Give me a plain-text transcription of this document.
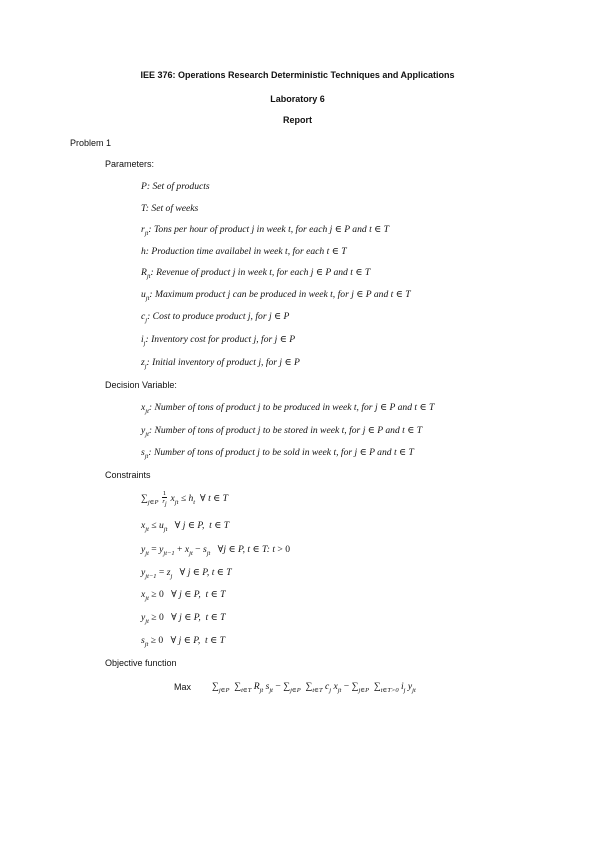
IEE 376: Operations Research Deterministic Techniques and Applications
Laboratory 6
Report
Problem 1
Parameters:
P: Set of products
T: Set of weeks
$r_{jt}$: Tons per hour of product j in week t, for each j ∈ P and t ∈ T
h: Production time availabel in week t, for each t ∈ T
$R_{jt}$: Revenue of product j in week t, for each j ∈ P and t ∈ T
$u_{jt}$: Maximum product j can be produced in week t, for j ∈ P and t ∈ T
$c_j$: Cost to produce product j, for j ∈ P
$i_j$: Inventory cost for product j, for j ∈ P
$z_j$: Initial inventory of product j, for j ∈ P
Decision Variable:
$x_{jt}$: Number of tons of product j to be produced in week t, for j ∈ P and t ∈ T
$y_{jt}$: Number of tons of product j to be stored in week t, for j ∈ P and t ∈ T
$s_{jt}$: Number of tons of product j to be sold in week t, for j ∈ P and t ∈ T
Constraints
$\sum_{j\in P} \frac{1}{r_j} x_{jt} \le h_t$ ∀ t ∈ T
$x_{jt} \le u_{jt}$ ∀ j ∈ P,  t ∈ T
$y_{jt} = y_{jt-1} + x_{jt} - s_{jt}$ ∀j ∈ P, t ∈ T: t > 0
$y_{jt-1} = z_j$ ∀ j ∈ P, t ∈ T
$x_{jt} \ge 0$ ∀ j ∈ P,  t ∈ T
$y_{jt} \ge 0$ ∀ j ∈ P,  t ∈ T
$s_{jt} \ge 0$ ∀ j ∈ P,  t ∈ T
Objective function
Max $\sum_{j\in P}$ $\sum_{t\in T}$ $R_{jt}$ $s_{jt} - \sum_{j\in P}$ $\sum_{t\in T}$ $c_j$ $x_{jt} - \sum_{j\in P}$ $\sum_{t\in T>0}$ $i_j$ $y_{jt}$
